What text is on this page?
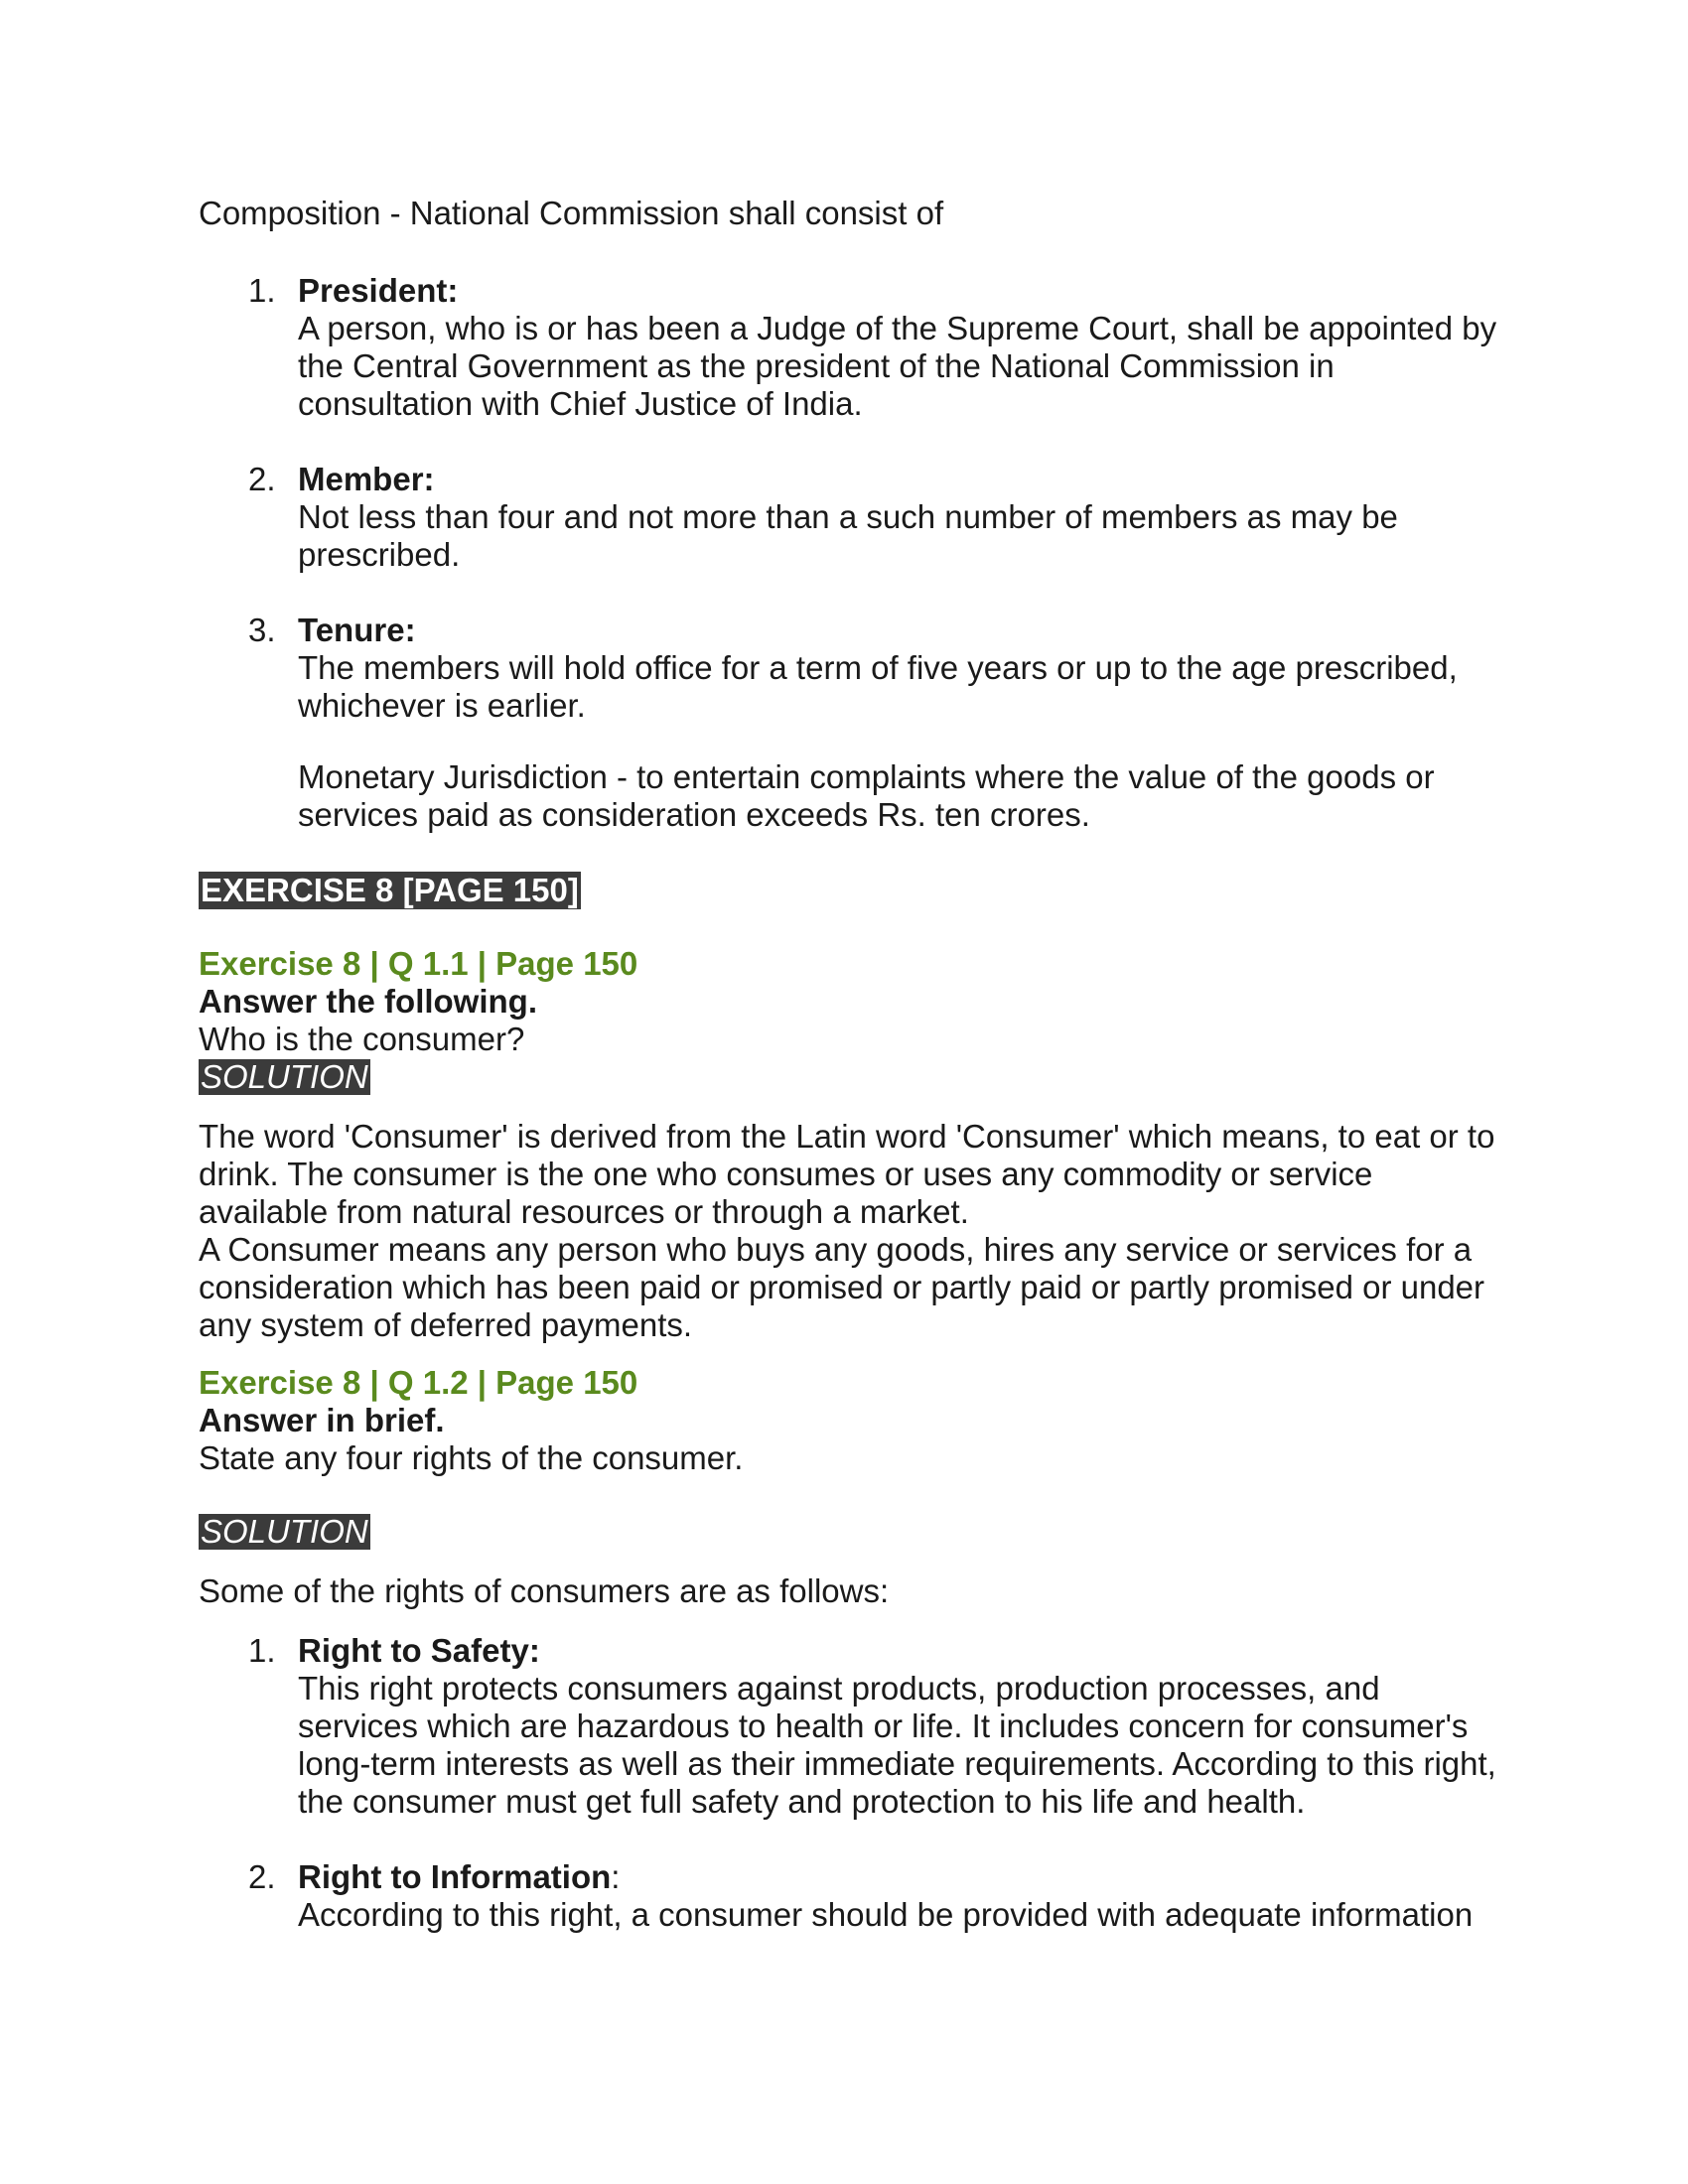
Composition - National Commission shall consist of

1. President:
A person, who is or has been a Judge of the Supreme Court, shall be appointed by the Central Government as the president of the National Commission in consultation with Chief Justice of India.
2. Member:
Not less than four and not more than a such number of members as may be prescribed.
3. Tenure:
The members will hold office for a term of five years or up to the age prescribed, whichever is earlier.

Monetary Jurisdiction - to entertain complaints where the value of the goods or services paid as consideration exceeds Rs. ten crores.

EXERCISE 8 [PAGE 150]

Exercise 8 | Q 1.1 | Page 150

Answer the following.

Who is the consumer?

SOLUTION

The word 'Consumer' is derived from the Latin word 'Consumer' which means, to eat or to drink. The consumer is the one who consumes or uses any commodity or service available from natural resources or through a market.

A Consumer means any person who buys any goods, hires any service or services for a consideration which has been paid or promised or partly paid or partly promised or under any system of deferred payments.

Exercise 8 | Q 1.2 | Page 150

Answer in brief.

State any four rights of the consumer.

SOLUTION

Some of the rights of consumers are as follows:

1. Right to Safety:
This right protects consumers against products, production processes, and services which are hazardous to health or life. It includes concern for consumer's long-term interests as well as their immediate requirements. According to this right, the consumer must get full safety and protection to his life and health.
2. Right to Information:
According to this right, a consumer should be provided with adequate information
